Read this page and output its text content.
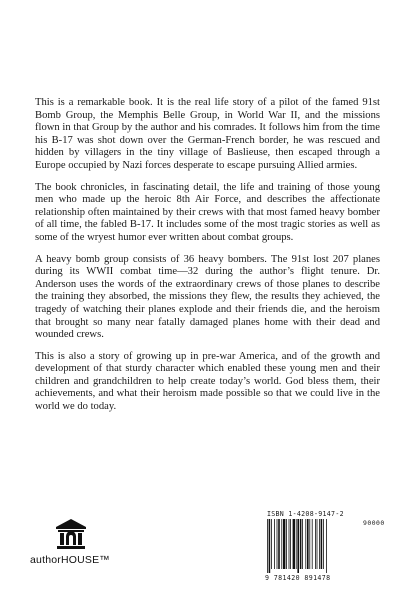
This is a remarkable book. It is the real life story of a pilot of the famed 91st Bomb Group, the Memphis Belle Group, in World War II, and the missions flown in that Group by the author and his comrades. It follows him from the time his B-17 was shot down over the German-French border, he was rescued and hidden by villagers in the tiny village of Baslieuse, then escaped through a Europe occupied by Nazi forces desperate to escape pursuing Allied armies.

The book chronicles, in fascinating detail, the life and training of those young men who made up the heroic 8th Air Force, and describes the affectionate relationship often maintained by their crews with that most famed heavy bomber of all time, the fabled B-17. It includes some of the most tragic stories as well as some of the wryest humor ever written about combat groups.

A heavy bomb group consists of 36 heavy bombers. The 91st lost 207 planes during its WWII combat time—32 during the author’s flight tenure. Dr. Anderson uses the words of the extraordinary crews of those planes to describe the training they absorbed, the missions they flew, the results they achieved, the tragedy of watching their planes explode and their friends die, and the heroism that brought so many near fatally damaged planes home with their dead and wounded crews.

This is also a story of growing up in pre-war America, and of the growth and development of that sturdy character which enabled these young men and their children and grandchildren to help create today’s world. God bless them, their achievements, and what their heroism made possible so that we could live in the world we do today.

authorHOUSE™
ISBN 1-4208-9147-2
90000
9 781420 891478
